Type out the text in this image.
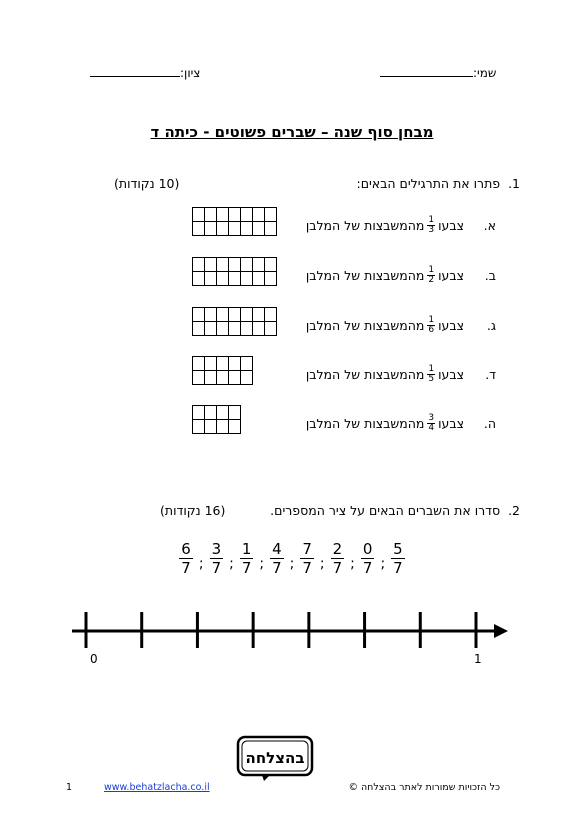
שמי:
ציון:
מבחן סוף שנה – שברים פשוטים - כיתה ד
1.  פתרו את התרגילים הבאים:
(10 נקודות)
א.
צבעו
$\frac{1}{3}$
מהמשבצות של המלבן

ב.
צבעו
$\frac{1}{2}$
מהמשבצות של המלבן

ג.
צבעו
$\frac{1}{6}$
מהמשבצות של המלבן

ד.
צבעו
$\frac{1}{5}$
מהמשבצות של המלבן

ה.
צבעו
$\frac{3}{4}$
מהמשבצות של המלבן

2.  סדרו את השברים הבאים על ציר המספרים.
(16 נקודות)
$\frac{5}{7}$
;
$\frac{0}{7}$
;
$\frac{2}{7}$
;
$\frac{7}{7}$
;
$\frac{4}{7}$
;
$\frac{1}{7}$
;
$\frac{3}{7}$
;
$\frac{6}{7}$
0	1
בהצלחה
1	www.behatzlacha.co.il	כל הזכויות שמורות לאתר בהצלחה ©
